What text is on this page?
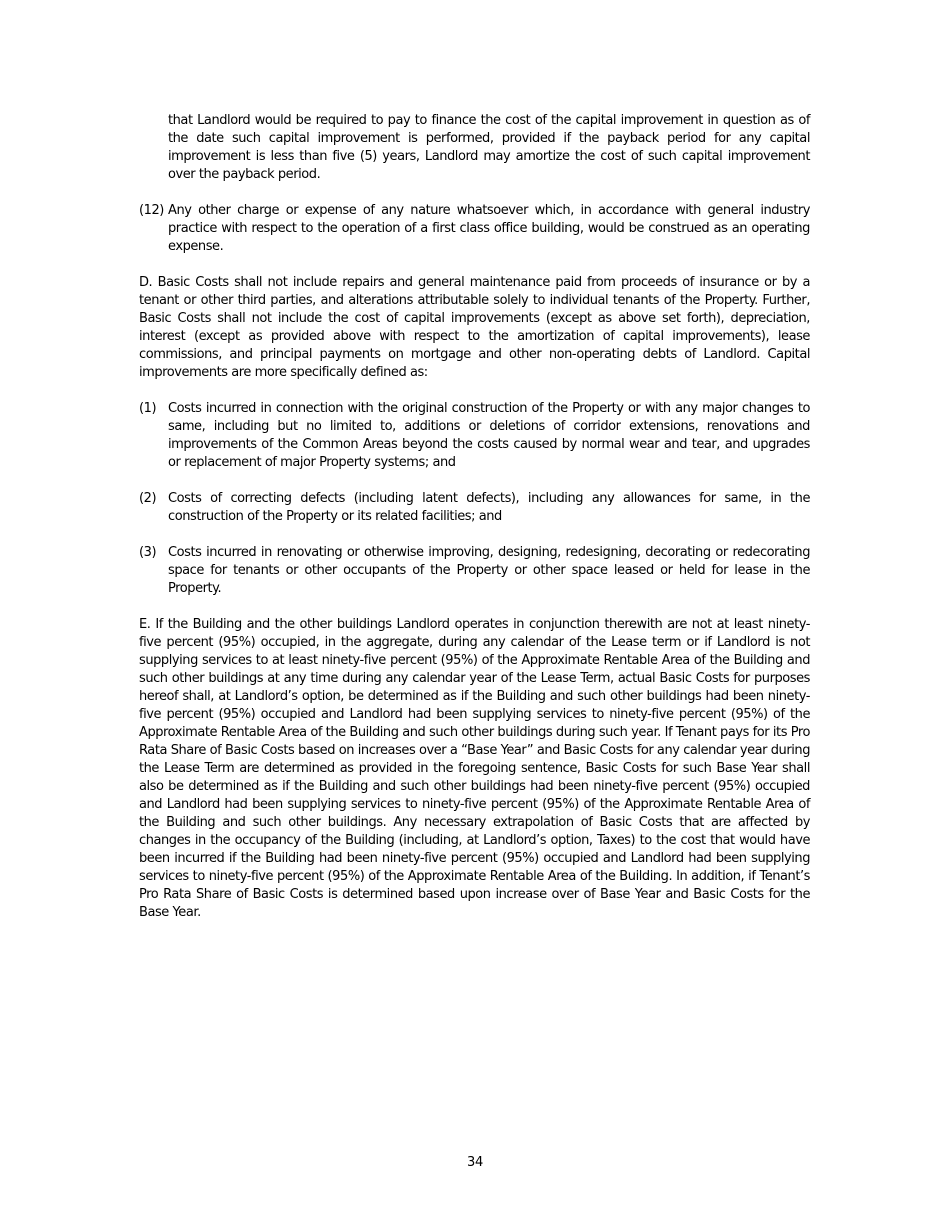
that Landlord would be required to pay to finance the cost of the capital improvement in question as of the date such capital improvement is performed, provided if the payback period for any capital improvement is less than five (5) years, Landlord may amortize the cost of such capital improvement over the payback period.

(12) Any other charge or expense of any nature whatsoever which, in accordance with general industry practice with respect to the operation of a first class office building, would be construed as an operating expense.

D. Basic Costs shall not include repairs and general maintenance paid from proceeds of insurance or by a tenant or other third parties, and alterations attributable solely to individual tenants of the Property. Further, Basic Costs shall not include the cost of capital improvements (except as above set forth), depreciation, interest (except as provided above with respect to the amortization of capital improvements), lease commissions, and principal payments on mortgage and other non-operating debts of Landlord. Capital improvements are more specifically defined as:

(1) Costs incurred in connection with the original construction of the Property or with any major changes to same, including but no limited to, additions or deletions of corridor extensions, renovations and improvements of the Common Areas beyond the costs caused by normal wear and tear, and upgrades or replacement of major Property systems; and

(2) Costs of correcting defects (including latent defects), including any allowances for same, in the construction of the Property or its related facilities; and

(3) Costs incurred in renovating or otherwise improving, designing, redesigning, decorating or redecorating space for tenants or other occupants of the Property or other space leased or held for lease in the Property.

E. If the Building and the other buildings Landlord operates in conjunction therewith are not at least ninety-five percent (95%) occupied, in the aggregate, during any calendar of the Lease term or if Landlord is not supplying services to at least ninety-five percent (95%) of the Approximate Rentable Area of the Building and such other buildings at any time during any calendar year of the Lease Term, actual Basic Costs for purposes hereof shall, at Landlord’s option, be determined as if the Building and such other buildings had been ninety-five percent (95%) occupied and Landlord had been supplying services to ninety-five percent (95%) of the Approximate Rentable Area of the Building and such other buildings during such year. If Tenant pays for its Pro Rata Share of Basic Costs based on increases over a “Base Year” and Basic Costs for any calendar year during the Lease Term are determined as provided in the foregoing sentence, Basic Costs for such Base Year shall also be determined as if the Building and such other buildings had been ninety-five percent (95%) occupied and Landlord had been supplying services to ninety-five percent (95%) of the Approximate Rentable Area of the Building and such other buildings. Any necessary extrapolation of Basic Costs that are affected by changes in the occupancy of the Building (including, at Landlord’s option, Taxes) to the cost that would have been incurred if the Building had been ninety-five percent (95%) occupied and Landlord had been supplying services to ninety-five percent (95%) of the Approximate Rentable Area of the Building. In addition, if Tenant’s Pro Rata Share of Basic Costs is determined based upon increase over of Base Year and Basic Costs for the Base Year.

34
